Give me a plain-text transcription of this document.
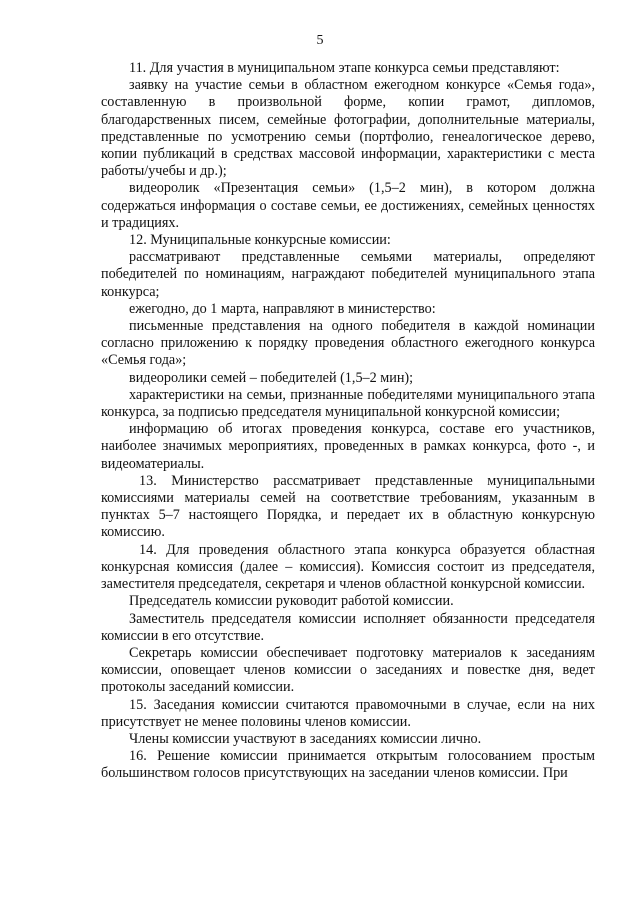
5

11. Для участия в муниципальном этапе конкурса семьи представляют:

заявку на участие семьи в областном ежегодном конкурсе «Семья года», составленную в произвольной форме, копии грамот, дипломов, благодарственных писем, семейные фотографии, дополнительные материалы, представленные по усмотрению семьи (портфолио, генеалогическое дерево, копии публикаций в средствах массовой информации, характеристики с места работы/учебы и др.);

видеоролик «Презентация семьи» (1,5–2 мин), в котором должна содержаться информация о составе семьи, ее достижениях, семейных ценностях и традициях.

12. Муниципальные конкурсные комиссии:

рассматривают представленные семьями материалы, определяют победителей по номинациям, награждают победителей муниципального этапа конкурса;

ежегодно, до 1 марта, направляют в министерство:

письменные представления на одного победителя в каждой номинации согласно приложению к порядку проведения областного ежегодного конкурса «Семья года»;

видеоролики семей – победителей (1,5–2 мин);

характеристики на семьи, признанные победителями муниципального этапа конкурса, за подписью председателя муниципальной конкурсной комиссии;

информацию об итогах проведения конкурса, составе его участников, наиболее значимых мероприятиях, проведенных в рамках конкурса, фото -, и видеоматериалы.

13. Министерство рассматривает представленные муниципальными комиссиями материалы семей на соответствие требованиям, указанным в пунктах 5–7 настоящего Порядка, и передает их в областную конкурсную комиссию.

14. Для проведения областного этапа конкурса образуется областная конкурсная комиссия (далее – комиссия). Комиссия состоит из председателя, заместителя председателя, секретаря и членов областной конкурсной комиссии.

Председатель комиссии руководит работой комиссии.

Заместитель председателя комиссии исполняет обязанности председателя комиссии в его отсутствие.

Секретарь комиссии обеспечивает подготовку материалов к заседаниям комиссии, оповещает членов комиссии о заседаниях и повестке дня, ведет протоколы заседаний комиссии.

15. Заседания комиссии считаются правомочными в случае, если на них присутствует не менее половины членов комиссии.

Члены комиссии участвуют в заседаниях комиссии лично.

16. Решение комиссии принимается открытым голосованием простым большинством голосов присутствующих на заседании членов комиссии. При
